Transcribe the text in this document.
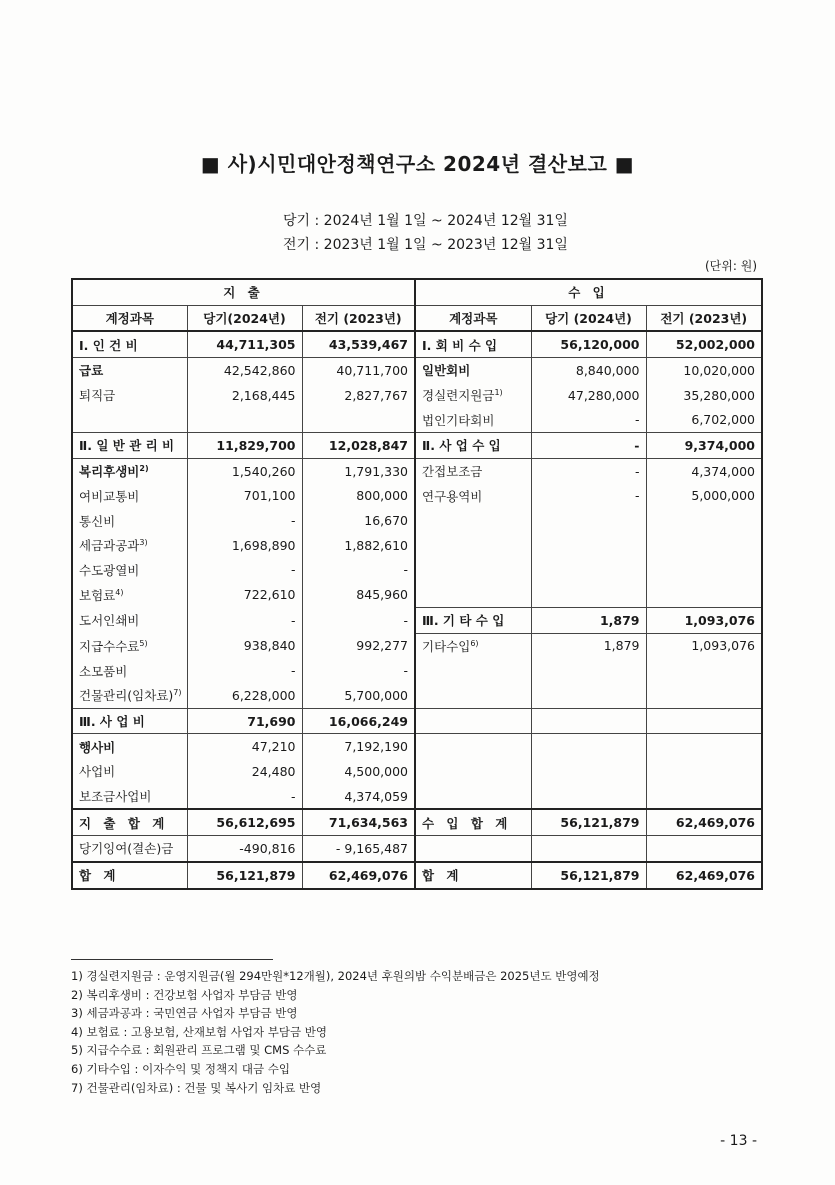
■ 사)시민대안정책연구소 2024년 결산보고 ■
당기 : 2024년 1월 1일 ~ 2024년 12월 31일
전기 : 2023년 1월 1일 ~ 2023년 12월 31일
(단위: 원)
지 출			수 입		
계정과목	당기(2024년)	전기 (2023년)	계정과목	당기 (2024년)	전기 (2023년)
Ⅰ. 인 건 비	44,711,305	43,539,467	Ⅰ. 회 비 수 입	56,120,000	52,002,000
급료	42,542,860	40,711,700	일반회비	8,840,000	10,020,000
퇴직금	2,168,445	2,827,767	경실련지원금$^{1)}$	47,280,000	35,280,000
			법인기타회비	-	6,702,000
Ⅱ. 일 반 관 리 비	11,829,700	12,028,847	Ⅱ. 사 업 수 입	-	9,374,000
복리후생비$^{2)}$	1,540,260	1,791,330	간접보조금	-	4,374,000
여비교통비	701,100	800,000	연구용역비	-	5,000,000
통신비	-	16,670			
세금과공과$^{3)}$	1,698,890	1,882,610			
수도광열비	-	-			
보험료$^{4)}$	722,610	845,960			
도서인쇄비	-	-	Ⅲ. 기 타 수 입	1,879	1,093,076
지급수수료$^{5)}$	938,840	992,277	기타수입$^{6)}$	1,879	1,093,076
소모품비	-	-			
건물관리(임차료)$^{7)}$	6,228,000	5,700,000			
Ⅲ. 사 업 비	71,690	16,066,249			
행사비	47,210	7,192,190			
사업비	24,480	4,500,000			
보조금사업비	-	4,374,059			
지 출 합 계	56,612,695	71,634,563	수 입 합 계	56,121,879	62,469,076
당기잉여(결손)금	-490,816	- 9,165,487			
합 계	56,121,879	62,469,076	합 계	56,121,879	62,469,076
1) 경실련지원금 : 운영지원금(월 294만원*12개월), 2024년 후원의밤 수익분배금은 2025년도 반영예정
2) 복리후생비 : 건강보험 사업자 부담금 반영
3) 세금과공과 : 국민연금 사업자 부담금 반영
4) 보험료 : 고용보험, 산재보험 사업자 부담금 반영
5) 지급수수료 : 회원관리 프로그램 및 CMS 수수료
6) 기타수입 : 이자수익 및 정책지 대금 수입
7) 건물관리(임차료) : 건물 및 복사기 임차료 반영
- 13 -
